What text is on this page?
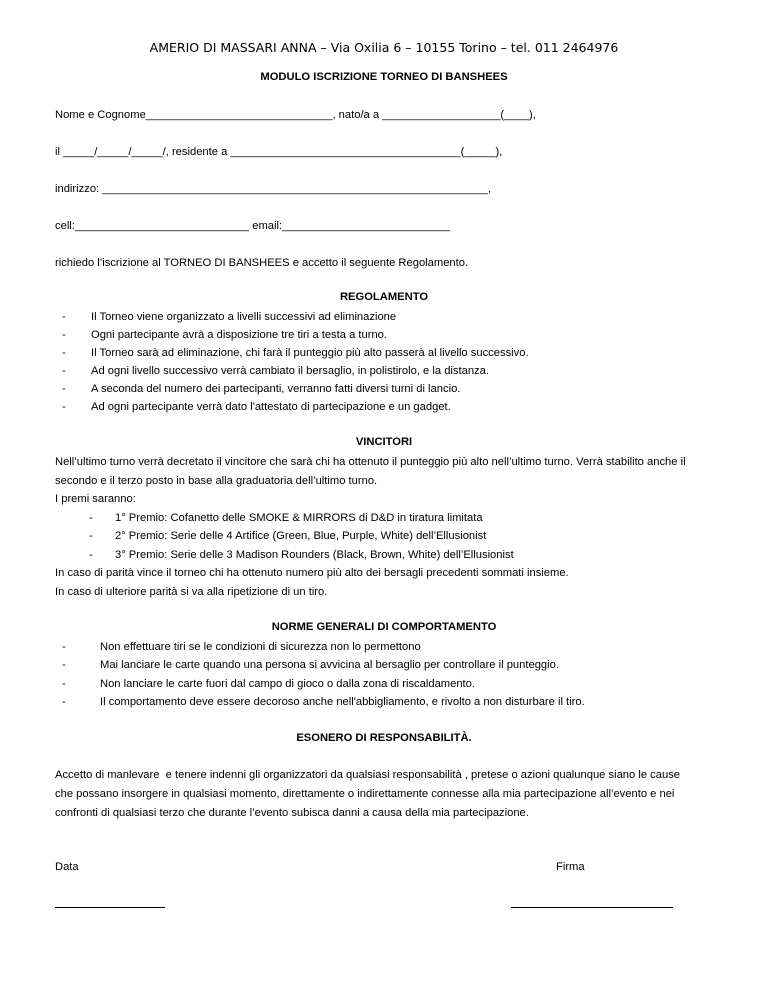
AMERIO DI MASSARI ANNA – Via Oxilia 6 – 10155 Torino – tel. 011 2464976
MODULO ISCRIZIONE TORNEO DI BANSHEES
Nome e Cognome______________________________, nato/a a ___________________(____),
il _____/_____/_____/, residente a _____________________________________(_____),
indirizzo: ______________________________________________________________,
cell:____________________________ email:___________________________
richiedo l’iscrizione al TORNEO DI BANSHEES e accetto il seguente Regolamento.
REGOLAMENTO
- Il Torneo viene organizzato a livelli successivi ad eliminazione
- Ogni partecipante avrà a disposizione tre tiri a testa a turno.
- Il Torneo sarà ad eliminazione, chi farà il punteggio più alto passerà al livello successivo.
- Ad ogni livello successivo verrà cambiato il bersaglio, in polistirolo, e la distanza.
- A seconda del numero dei partecipanti, verranno fatti diversi turni di lancio.
- Ad ogni partecipante verrà dato l'attestato di partecipazione e un gadget.
VINCITORI
Nell’ultimo turno verrà decretato il vincitore che sarà chi ha ottenuto il punteggio più alto nell’ultimo turno. Verrà stabilito anche il
secondo e il terzo posto in base alla graduatoria dell’ultimo turno.
I premi saranno:
- 1° Premio: Cofanetto delle SMOKE & MIRRORS di D&D in tiratura limitata
- 2° Premio: Serie delle 4 Artifice (Green, Blue, Purple, White) dell’Ellusionist
- 3° Premio: Serie delle 3 Madison Rounders (Black, Brown, White) dell’Ellusionist
In caso di parità vince il torneo chi ha ottenuto numero più alto dei bersagli precedenti sommati insieme.
In caso di ulteriore parità si va alla ripetizione di un tiro.
NORME GENERALI DI COMPORTAMENTO
-	Non effettuare tiri se le condizioni di sicurezza non lo permettono
-	Mai lanciare le carte quando una persona si avvicina al bersaglio per controllare il punteggio.
-	Non lanciare le carte fuori dal campo di gioco o dalla zona di riscaldamento.
-	Il comportamento deve essere decoroso anche nell'abbigliamento, e rivolto a non disturbare il tiro.
ESONERO DI RESPONSABILITÀ.
Accetto di manlevare  e tenere indenni gli organizzatori da qualsiasi responsabilità , pretese o azioni qualunque siano le cause
che possano insorgere in qualsiasi momento, direttamente o indirettamente connesse alla mia partecipazione all’evento e nei
confronti di qualsiasi terzo che durante l’evento subisca danni a causa della mia partecipazione.
Data	Firma
